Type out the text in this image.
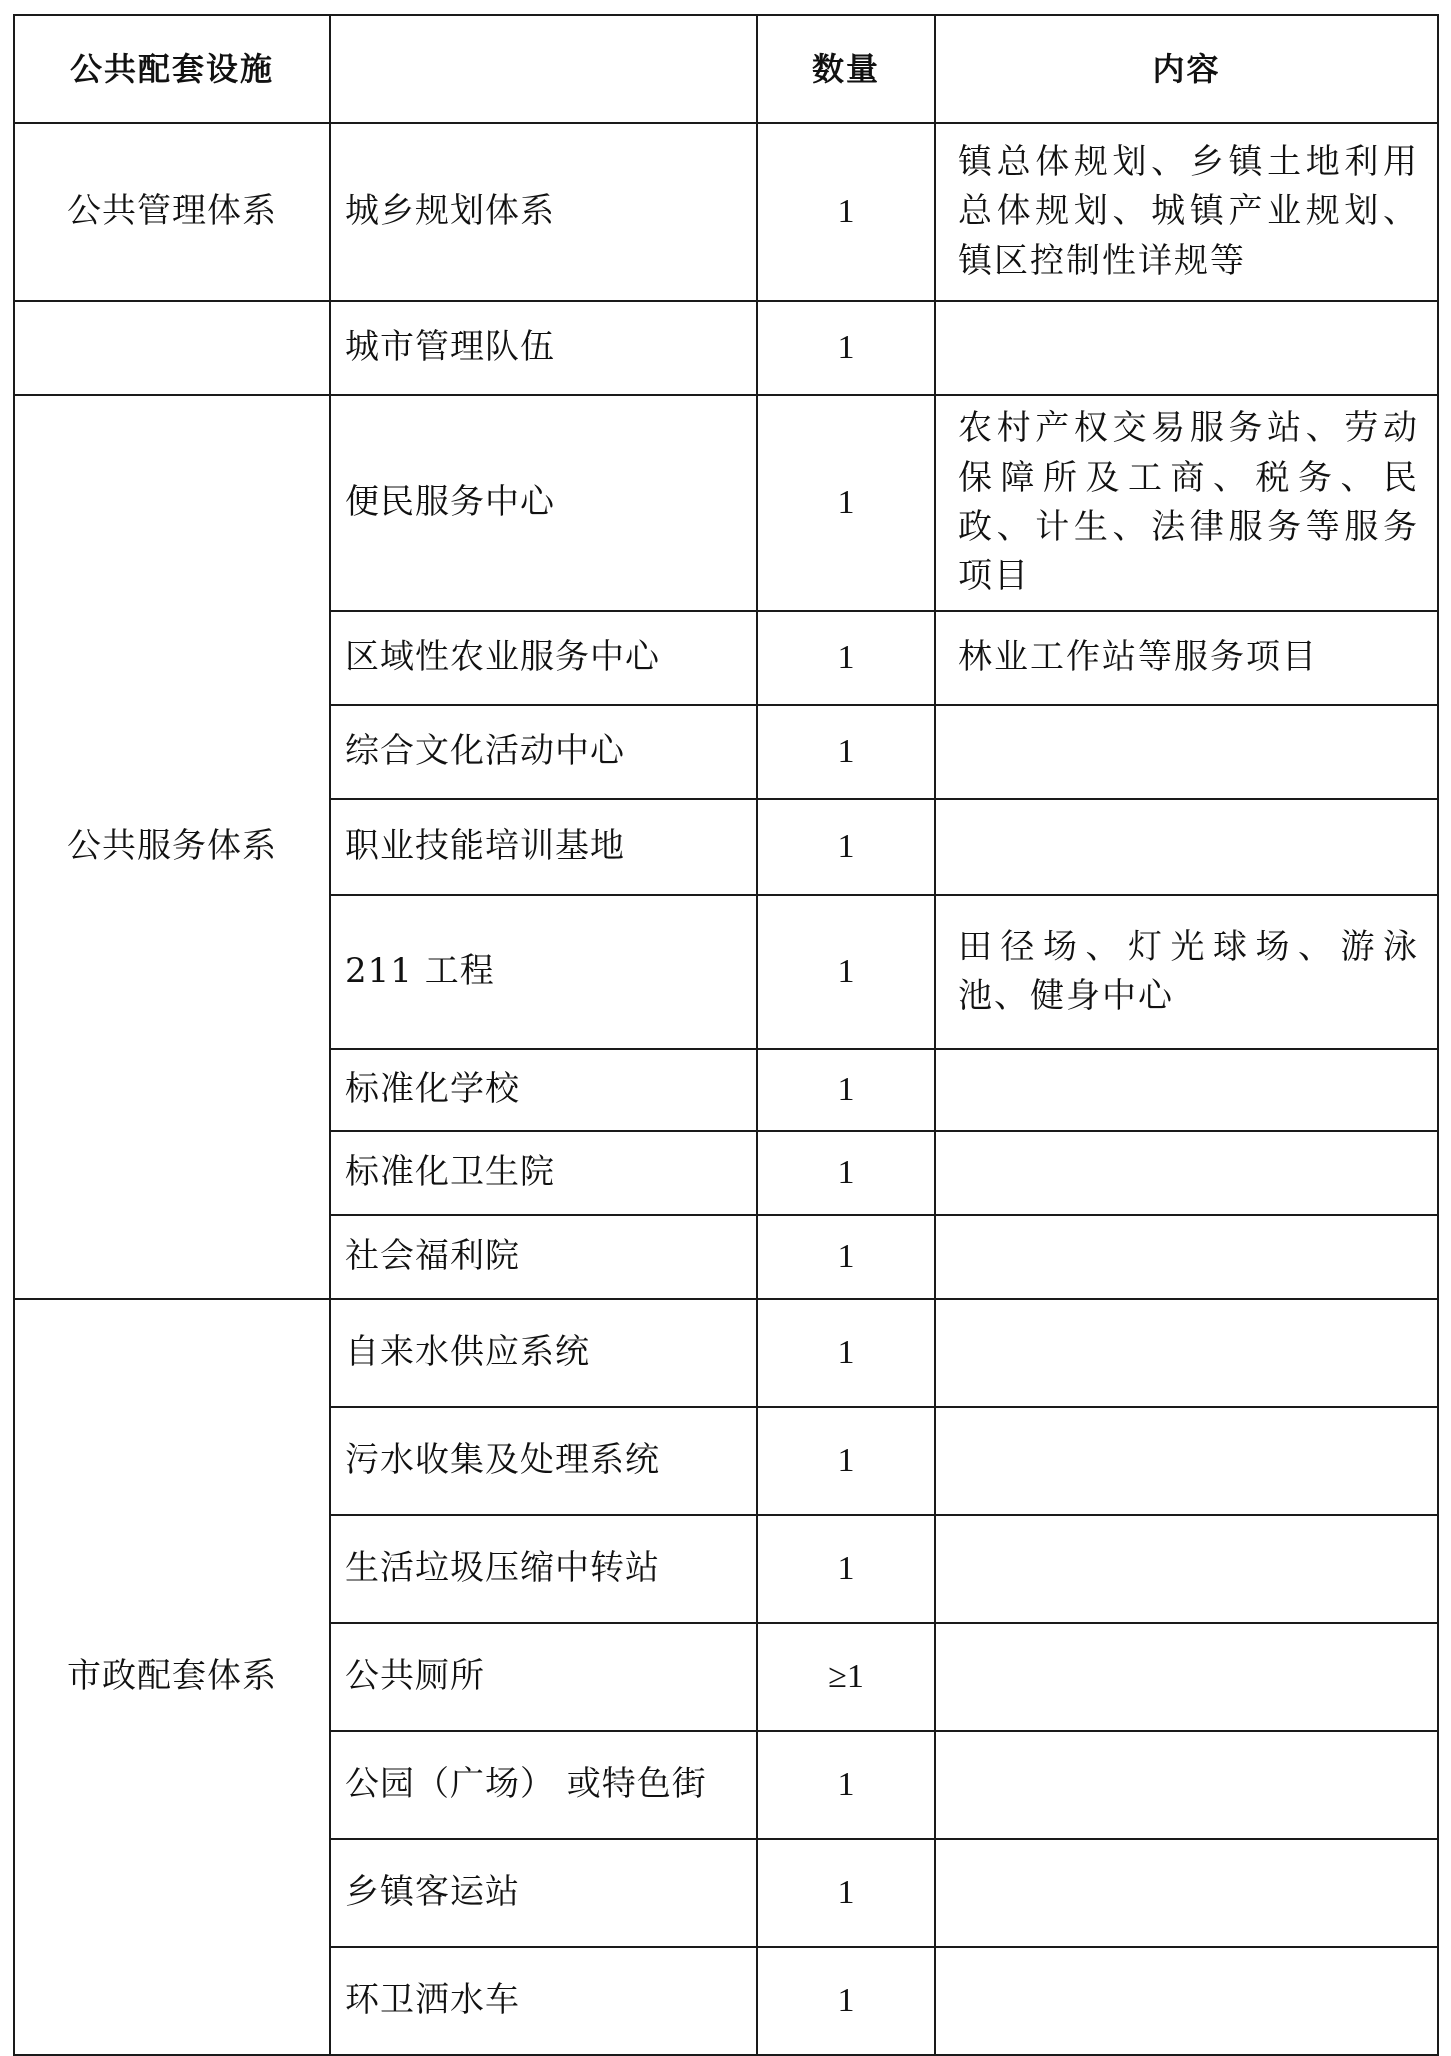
公共配套设施		数量	内容
公共管理体系	城乡规划体系	1	镇总体规划、乡镇土地利用总体规划、城镇产业规划、镇区控制性详规等
	城市管理队伍	1	
公共服务体系	便民服务中心	1	农村产权交易服务站、劳动保障所及工商、税务、民政、计生、法律服务等服务项目
	区域性农业服务中心	1	林业工作站等服务项目
	综合文化活动中心	1	
	职业技能培训基地	1	
	211 工程	1	田径场、灯光球场、游泳池、健身中心
	标准化学校	1	
	标准化卫生院	1	
	社会福利院	1	
市政配套体系	自来水供应系统	1	
	污水收集及处理系统	1	
	生活垃圾压缩中转站	1	
	公共厕所	≥1	
	公园（广场） 或特色街	1	
	乡镇客运站	1	
	环卫洒水车	1	
